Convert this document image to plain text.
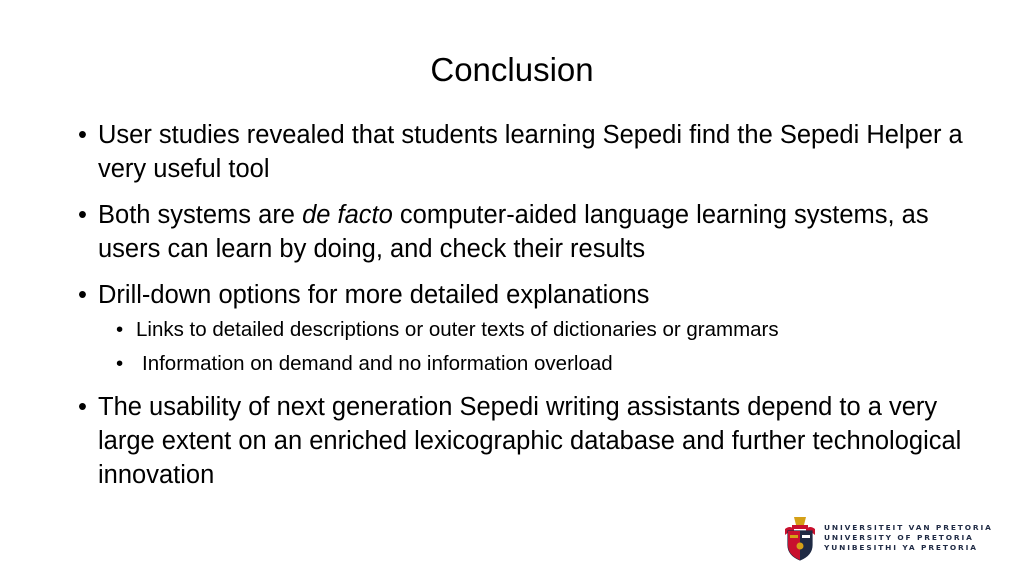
Conclusion
• User studies revealed that students learning Sepedi find the Sepedi Helper a very useful tool
• Both systems are de facto computer-aided language learning systems, as users can learn by doing, and check their results
• Drill-down options for more detailed explanations
• Links to detailed descriptions or outer texts of dictionaries or grammars
• Information on demand and no information overload
• The usability of next generation Sepedi writing assistants depend to a very large extent on an enriched lexicographic database and further technological innovation
UNIVERSITEIT VAN PRETORIA
UNIVERSITY OF PRETORIA
YUNIBESITHI YA PRETORIA
